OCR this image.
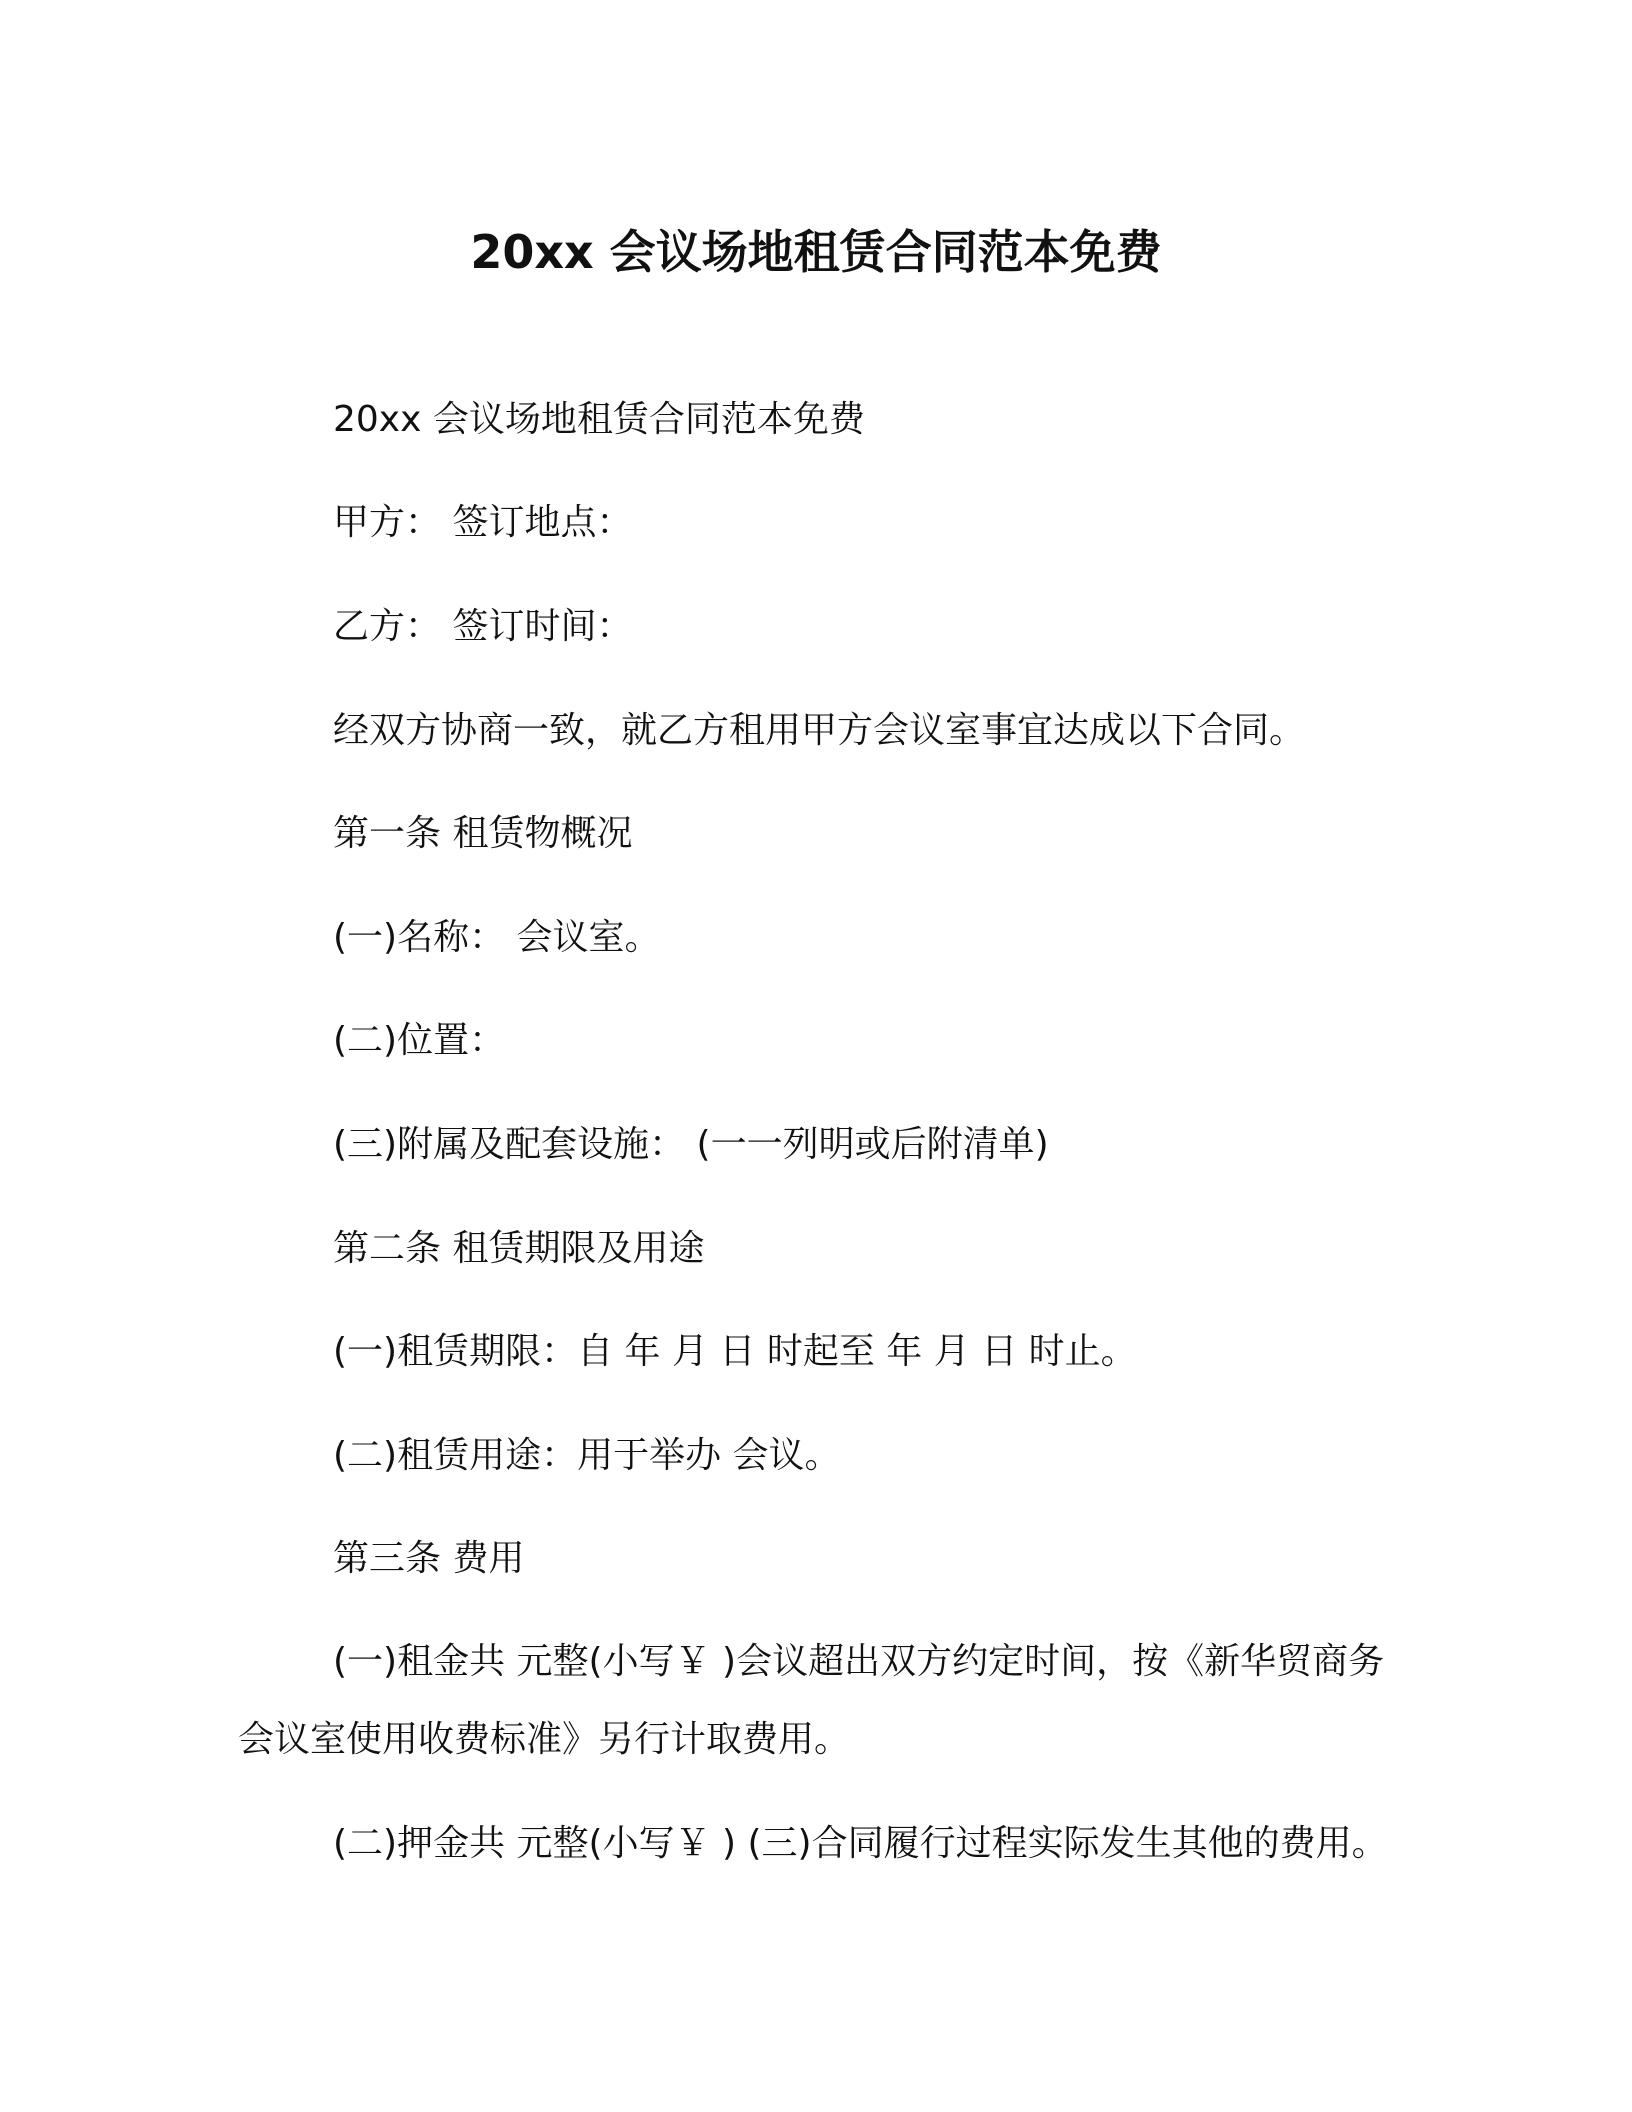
20xx 会议场地租赁合同范本免费

20xx 会议场地租赁合同范本免费

甲方： 签订地点：

乙方： 签订时间：

经双方协商一致，就乙方租用甲方会议室事宜达成以下合同。

第一条 租赁物概况

(一)名称： 会议室。

(二)位置：

(三)附属及配套设施： (一一列明或后附清单)

第二条 租赁期限及用途

(一)租赁期限：自 年 月 日 时起至 年 月 日 时止。

(二)租赁用途：用于举办 会议。

第三条 费用

(一)租金共 元整(小写￥ )会议超出双方约定时间，按《新华贸商务会议室使用收费标准》另行计取费用。

(二)押金共 元整(小写￥ ) (三)合同履行过程实际发生其他的费用。
